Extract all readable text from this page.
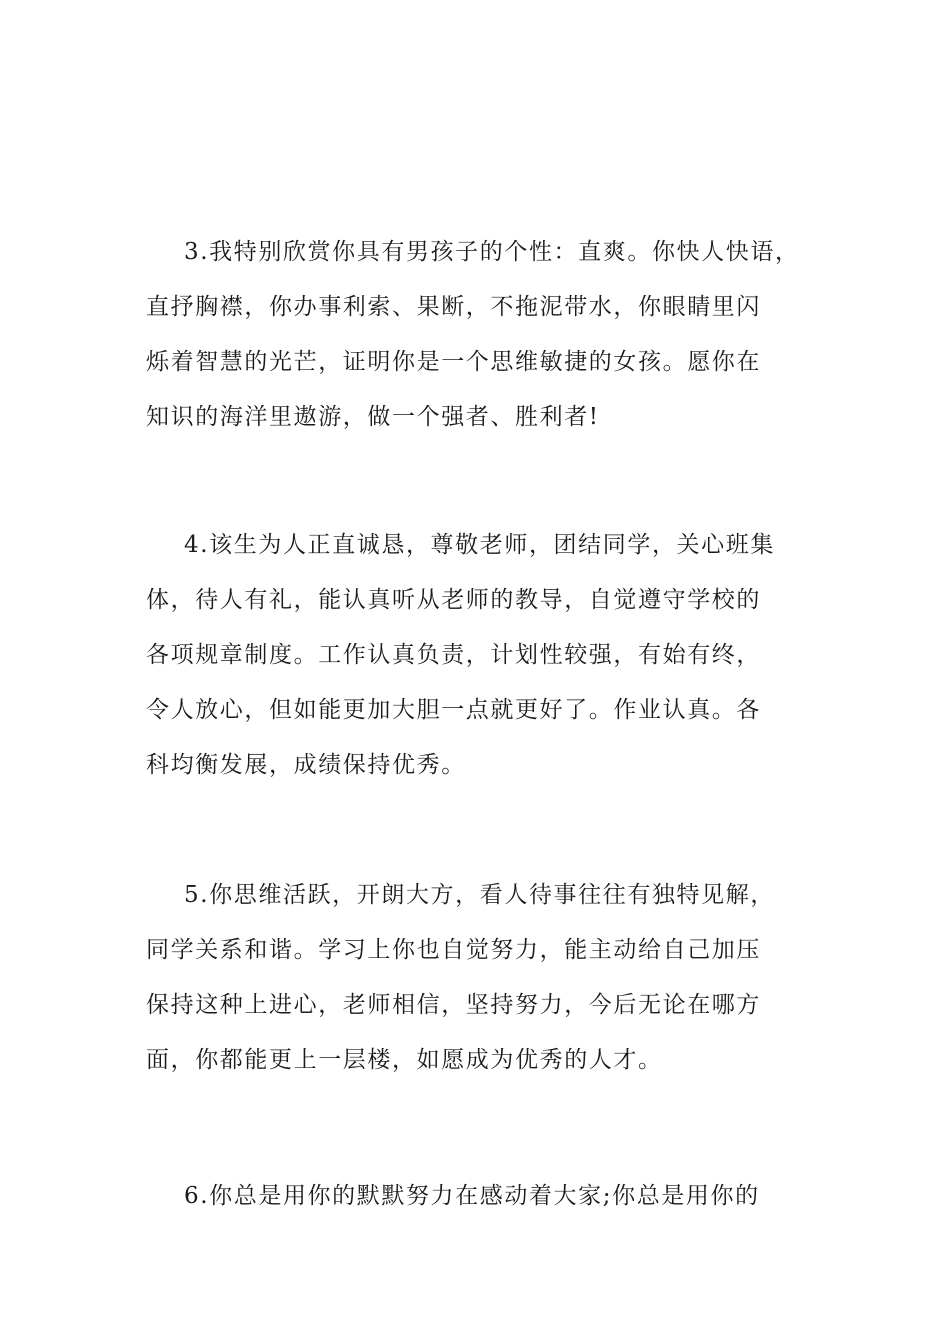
3.我特别欣赏你具有男孩子的个性：直爽。你快人快语，
直抒胸襟，你办事利索、果断，不拖泥带水，你眼睛里闪
烁着智慧的光芒，证明你是一个思维敏捷的女孩。愿你在
知识的海洋里遨游，做一个强者、胜利者!
4.该生为人正直诚恳，尊敬老师，团结同学，关心班集
体，待人有礼，能认真听从老师的教导，自觉遵守学校的
各项规章制度。工作认真负责，计划性较强，有始有终，
令人放心，但如能更加大胆一点就更好了。作业认真。各
科均衡发展，成绩保持优秀。
5.你思维活跃，开朗大方，看人待事往往有独特见解，
同学关系和谐。学习上你也自觉努力，能主动给自己加压
保持这种上进心，老师相信，坚持努力，今后无论在哪方
面，你都能更上一层楼，如愿成为优秀的人才。
6.你总是用你的默默努力在感动着大家;你总是用你的
